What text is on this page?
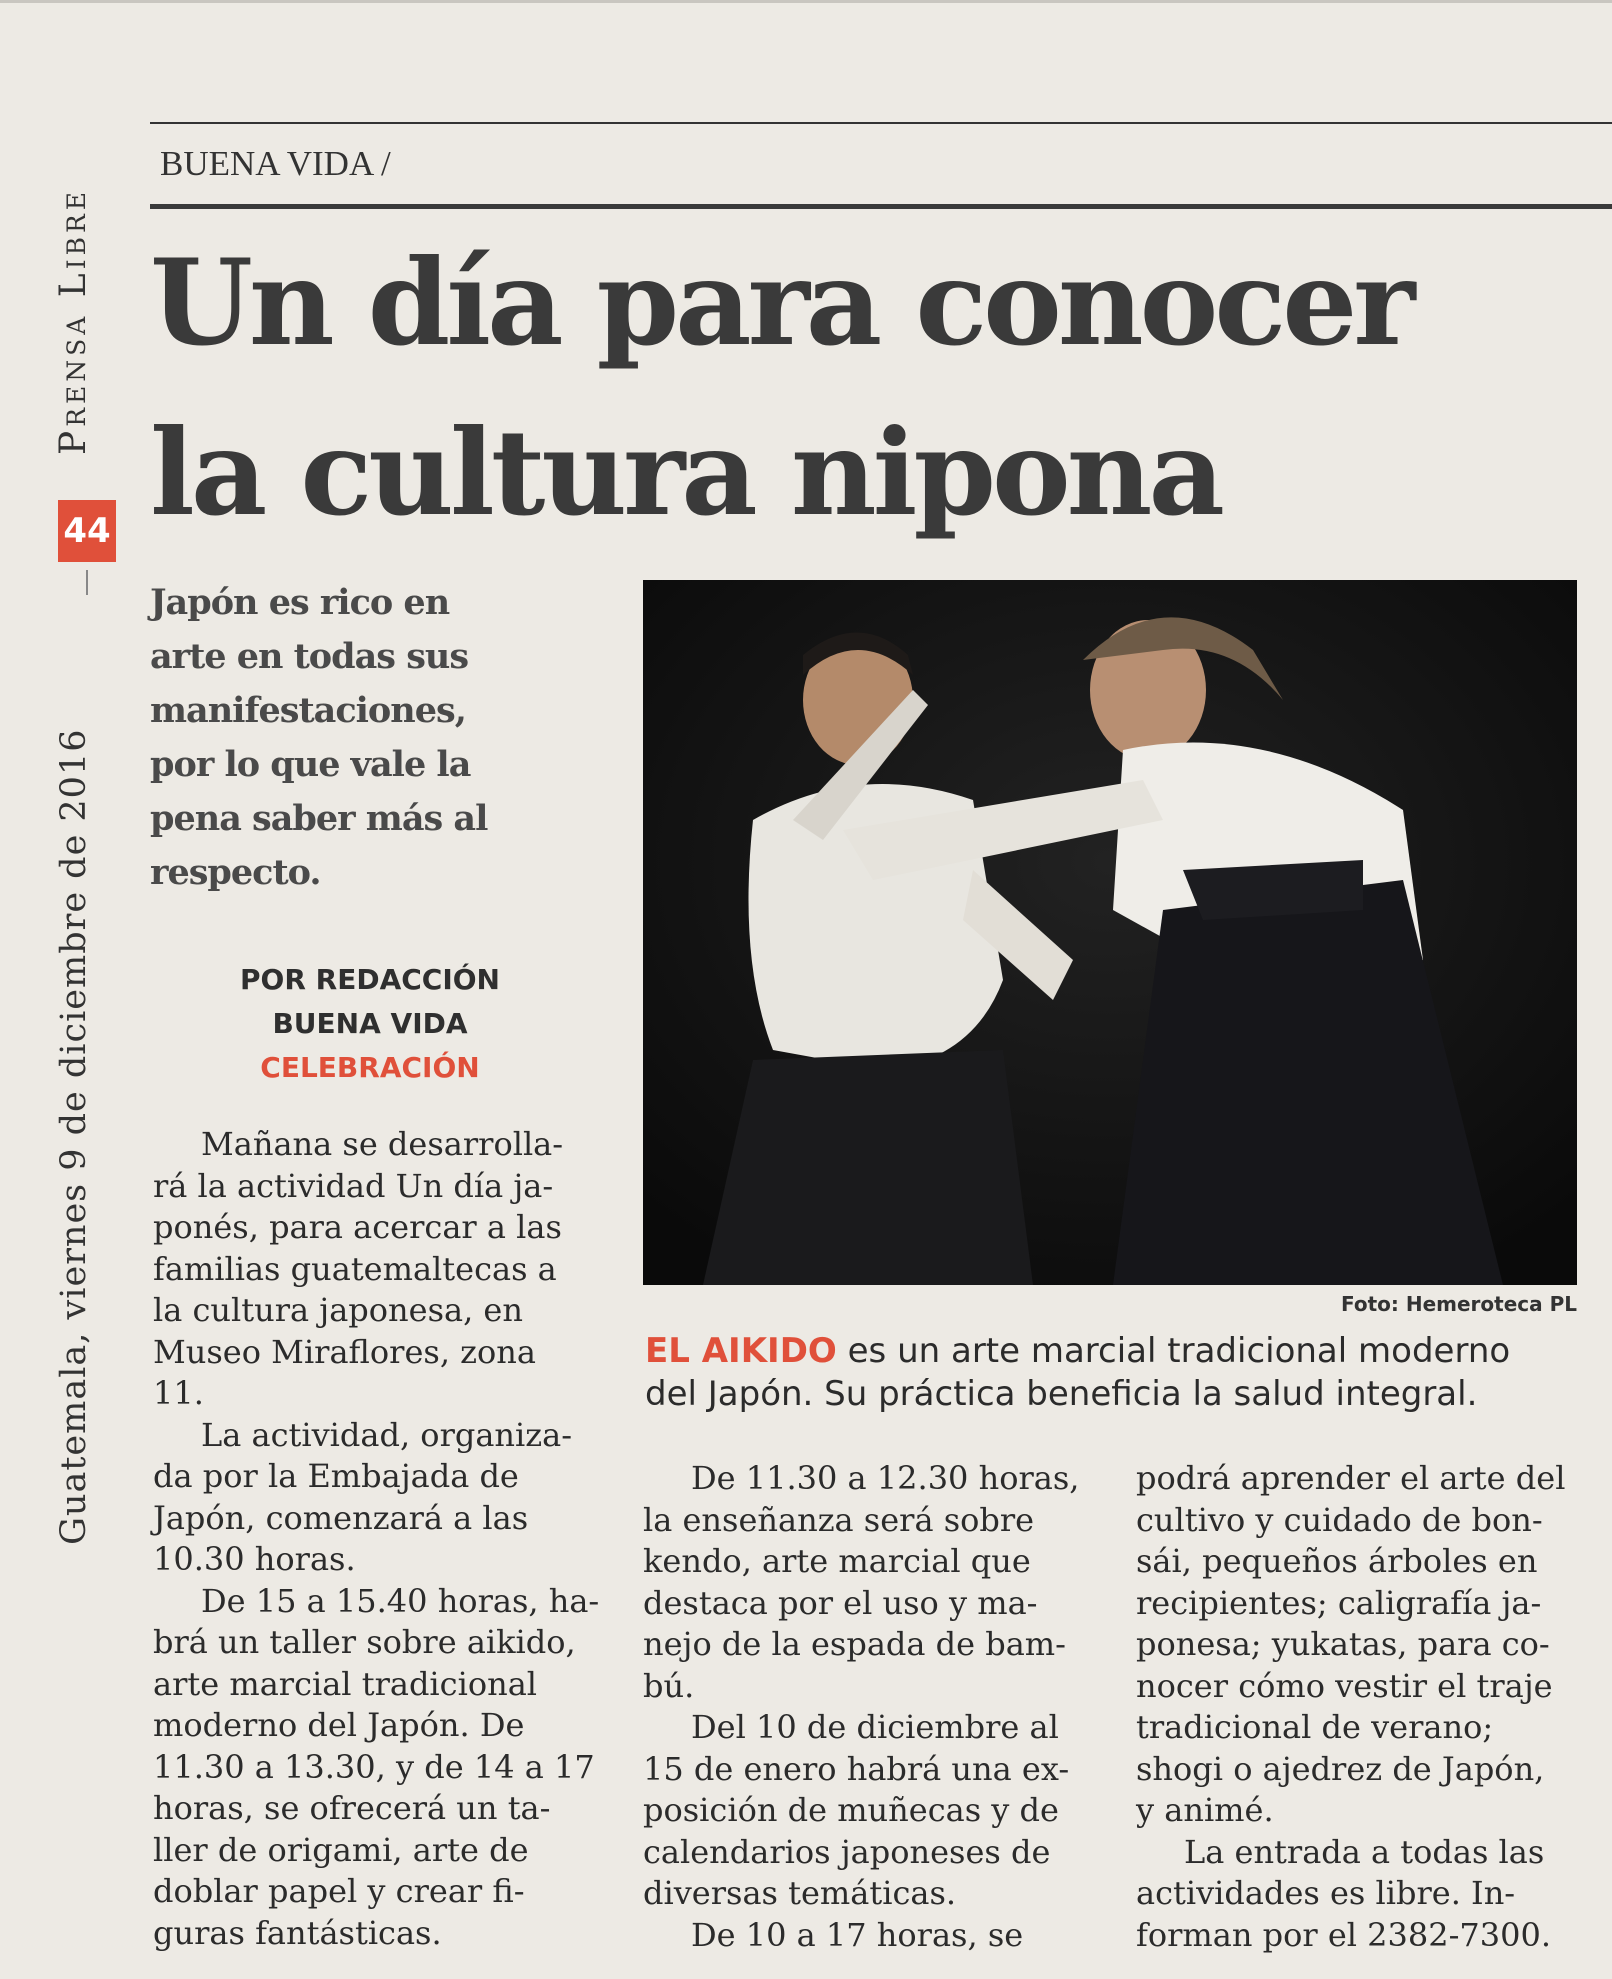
Prensa Libre
44
Guatemala, viernes 9 de diciembre de 2016
BUENA VIDA /
Un día para conocer
la cultura nipona
Japón es rico en
arte en todas sus
manifestaciones,
por lo que vale la
pena saber más al
respecto.
POR REDACCIÓN
BUENA VIDA
CELEBRACIÓN
Foto: Hemeroteca PL
EL AIKIDO es un arte marcial tradicional moderno
del Japón. Su práctica beneficia la salud integral.
Mañana se desarrolla-
rá la actividad Un día ja-
ponés, para acercar a las
familias guatemaltecas a
la cultura japonesa, en
Museo Miraflores, zona
11.
La actividad, organiza-
da por la Embajada de
Japón, comenzará a las
10.30 horas.
De 15 a 15.40 horas, ha-
brá un taller sobre aikido,
arte marcial tradicional
moderno del Japón. De
11.30 a 13.30, y de 14 a 17
horas, se ofrecerá un ta-
ller de origami, arte de
doblar papel y crear fi-
guras fantásticas.
De 11.30 a 12.30 horas,
la enseñanza será sobre
kendo, arte marcial que
destaca por el uso y ma-
nejo de la espada de bam-
bú.
Del 10 de diciembre al
15 de enero habrá una ex-
posición de muñecas y de
calendarios japoneses de
diversas temáticas.
De 10 a 17 horas, se
podrá aprender el arte del
cultivo y cuidado de bon-
sái, pequeños árboles en
recipientes; caligrafía ja-
ponesa; yukatas, para co-
nocer cómo vestir el traje
tradicional de verano;
shogi o ajedrez de Japón,
y animé.
La entrada a todas las
actividades es libre. In-
forman por el 2382-7300.
